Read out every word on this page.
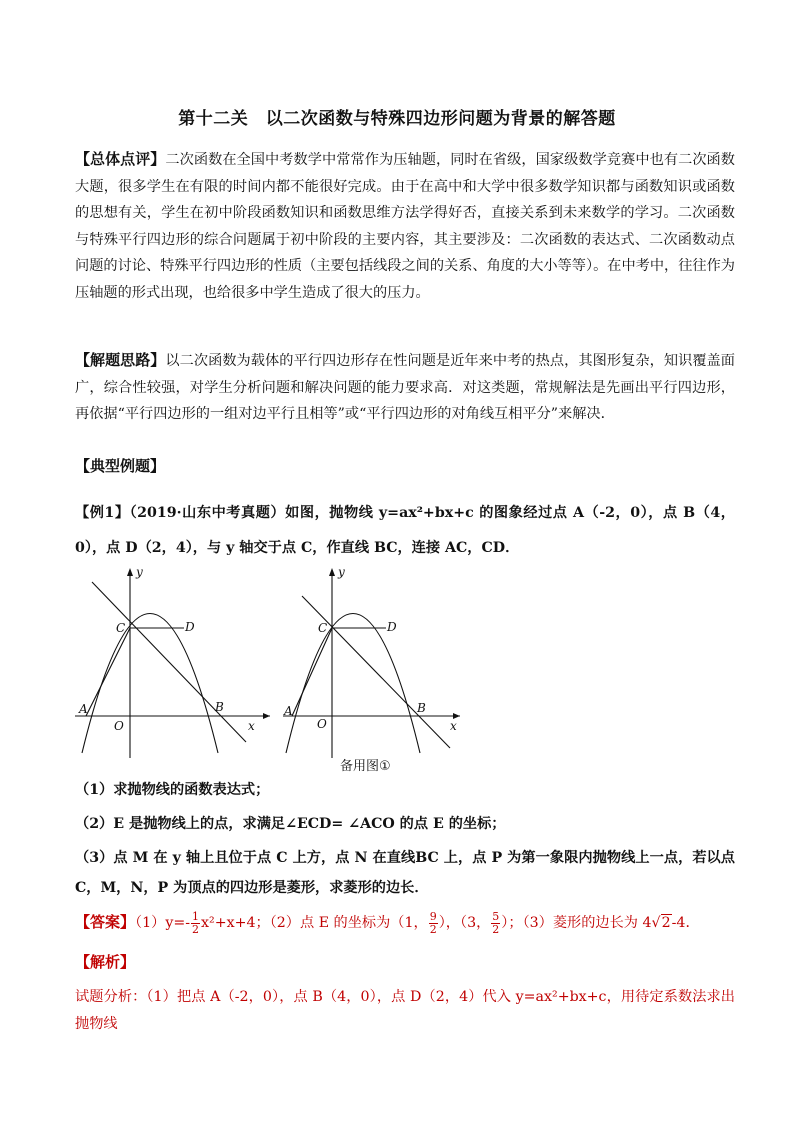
第十二关　以二次函数与特殊四边形问题为背景的解答题
【总体点评】二次函数在全国中考数学中常常作为压轴题，同时在省级，国家级数学竞赛中也有二次函数大题，很多学生在有限的时间内都不能很好完成。由于在高中和大学中很多数学知识都与函数知识或函数的思想有关，学生在初中阶段函数知识和函数思维方法学得好否，直接关系到未来数学的学习。二次函数与特殊平行四边形的综合问题属于初中阶段的主要内容，其主要涉及：二次函数的表达式、二次函数动点问题的讨论、特殊平行四边形的性质（主要包括线段之间的关系、角度的大小等等）。在中考中，往往作为压轴题的形式出现，也给很多中学生造成了很大的压力。
【解题思路】以二次函数为载体的平行四边形存在性问题是近年来中考的热点，其图形复杂，知识覆盖面广，综合性较强，对学生分析问题和解决问题的能力要求高．对这类题，常规解法是先画出平行四边形，再依据“平行四边形的一组对边平行且相等”或“平行四边形的对角线互相平分”来解决．
【典型例题】
【例1】（2019·山东中考真题）如图，抛物线 y=ax²+bx+c 的图象经过点 A（-2，0），点 B（4，0），点 D（2，4），与 y 轴交于点 C，作直线 BC，连接 AC，CD．
y
x
O
A	B
C	D
y
x
O
A	B
C	D
备用图①
（1）求抛物线的函数表达式；
（2）E 是抛物线上的点，求满足∠ECD= ∠ACO 的点 E 的坐标；
（3）点 M 在 y 轴上且位于点 C 上方，点 N 在直线BC 上，点 P 为第一象限内抛物线上一点，若以点 C，M，N，P 为顶点的四边形是菱形，求菱形的边长．
【答案】$(1)y=- \frac{1}{2} x^2+x+4$；（2）点 E 的坐标为（1， $\frac{9}{2}$ ），（3， $\frac{5}{2}$ ）；（3）菱形的边长为 4√2-4．
【解析】
试题分析：（1）把点 A（-2，0），点 B（4，0），点 D（2，4）代入 y=ax²+bx+c，用待定系数法求出抛物线
